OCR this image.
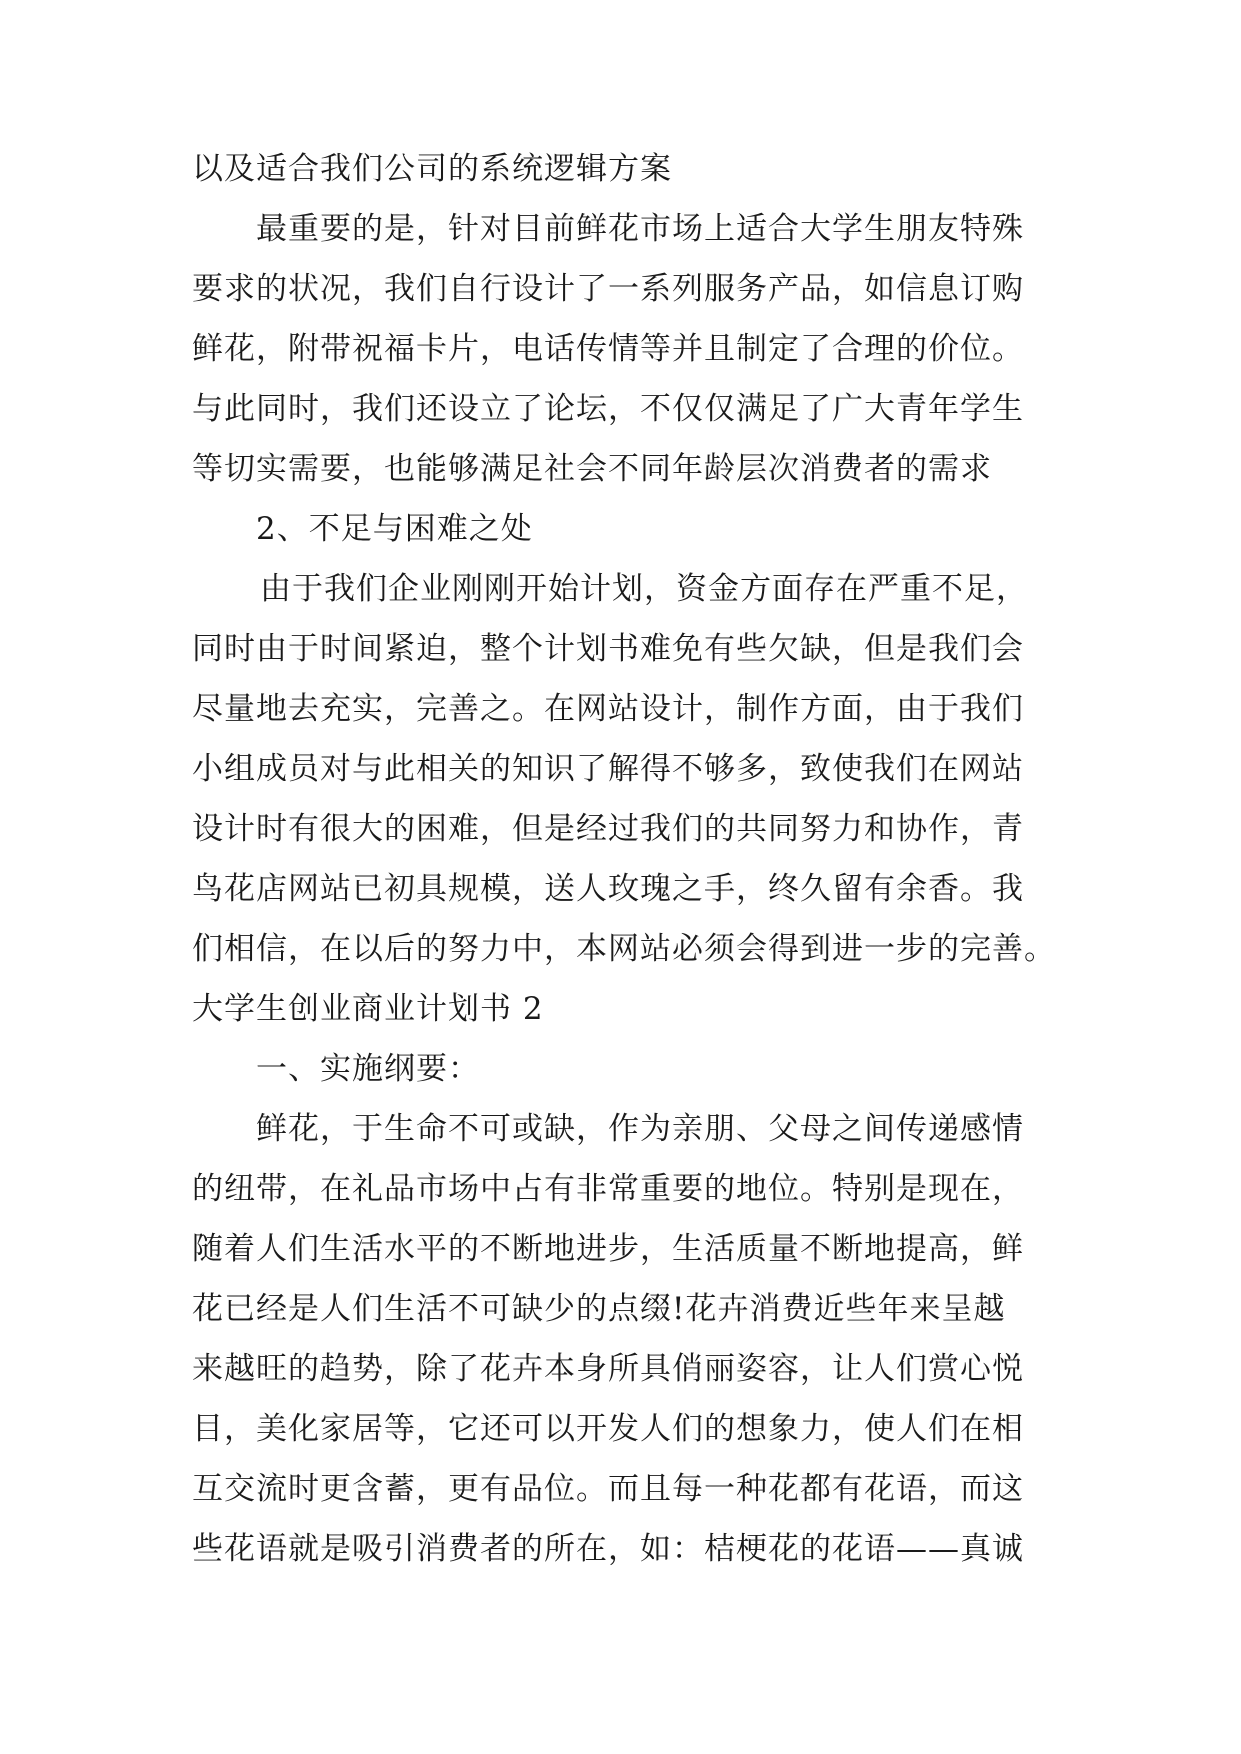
以及适合我们公司的系统逻辑方案
最重要的是，针对目前鲜花市场上适合大学生朋友特殊
要求的状况，我们自行设计了一系列服务产品，如信息订购
鲜花，附带祝福卡片，电话传情等并且制定了合理的价位。
与此同时，我们还设立了论坛，不仅仅满足了广大青年学生
等切实需要，也能够满足社会不同年龄层次消费者的需求
2、不足与困难之处
由于我们企业刚刚开始计划，资金方面存在严重不足，
同时由于时间紧迫，整个计划书难免有些欠缺，但是我们会
尽量地去充实，完善之。在网站设计，制作方面，由于我们
小组成员对与此相关的知识了解得不够多，致使我们在网站
设计时有很大的困难，但是经过我们的共同努力和协作，青
鸟花店网站已初具规模，送人玫瑰之手，终久留有余香。我
们相信，在以后的努力中，本网站必须会得到进一步的完善。
大学生创业商业计划书 2
一、实施纲要：
鲜花，于生命不可或缺，作为亲朋、父母之间传递感情
的纽带，在礼品市场中占有非常重要的地位。特别是现在，
随着人们生活水平的不断地进步，生活质量不断地提高，鲜
花已经是人们生活不可缺少的点缀!花卉消费近些年来呈越
来越旺的趋势，除了花卉本身所具俏丽姿容，让人们赏心悦
目，美化家居等，它还可以开发人们的想象力，使人们在相
互交流时更含蓄，更有品位。而且每一种花都有花语，而这
些花语就是吸引消费者的所在，如：桔梗花的花语——真诚
